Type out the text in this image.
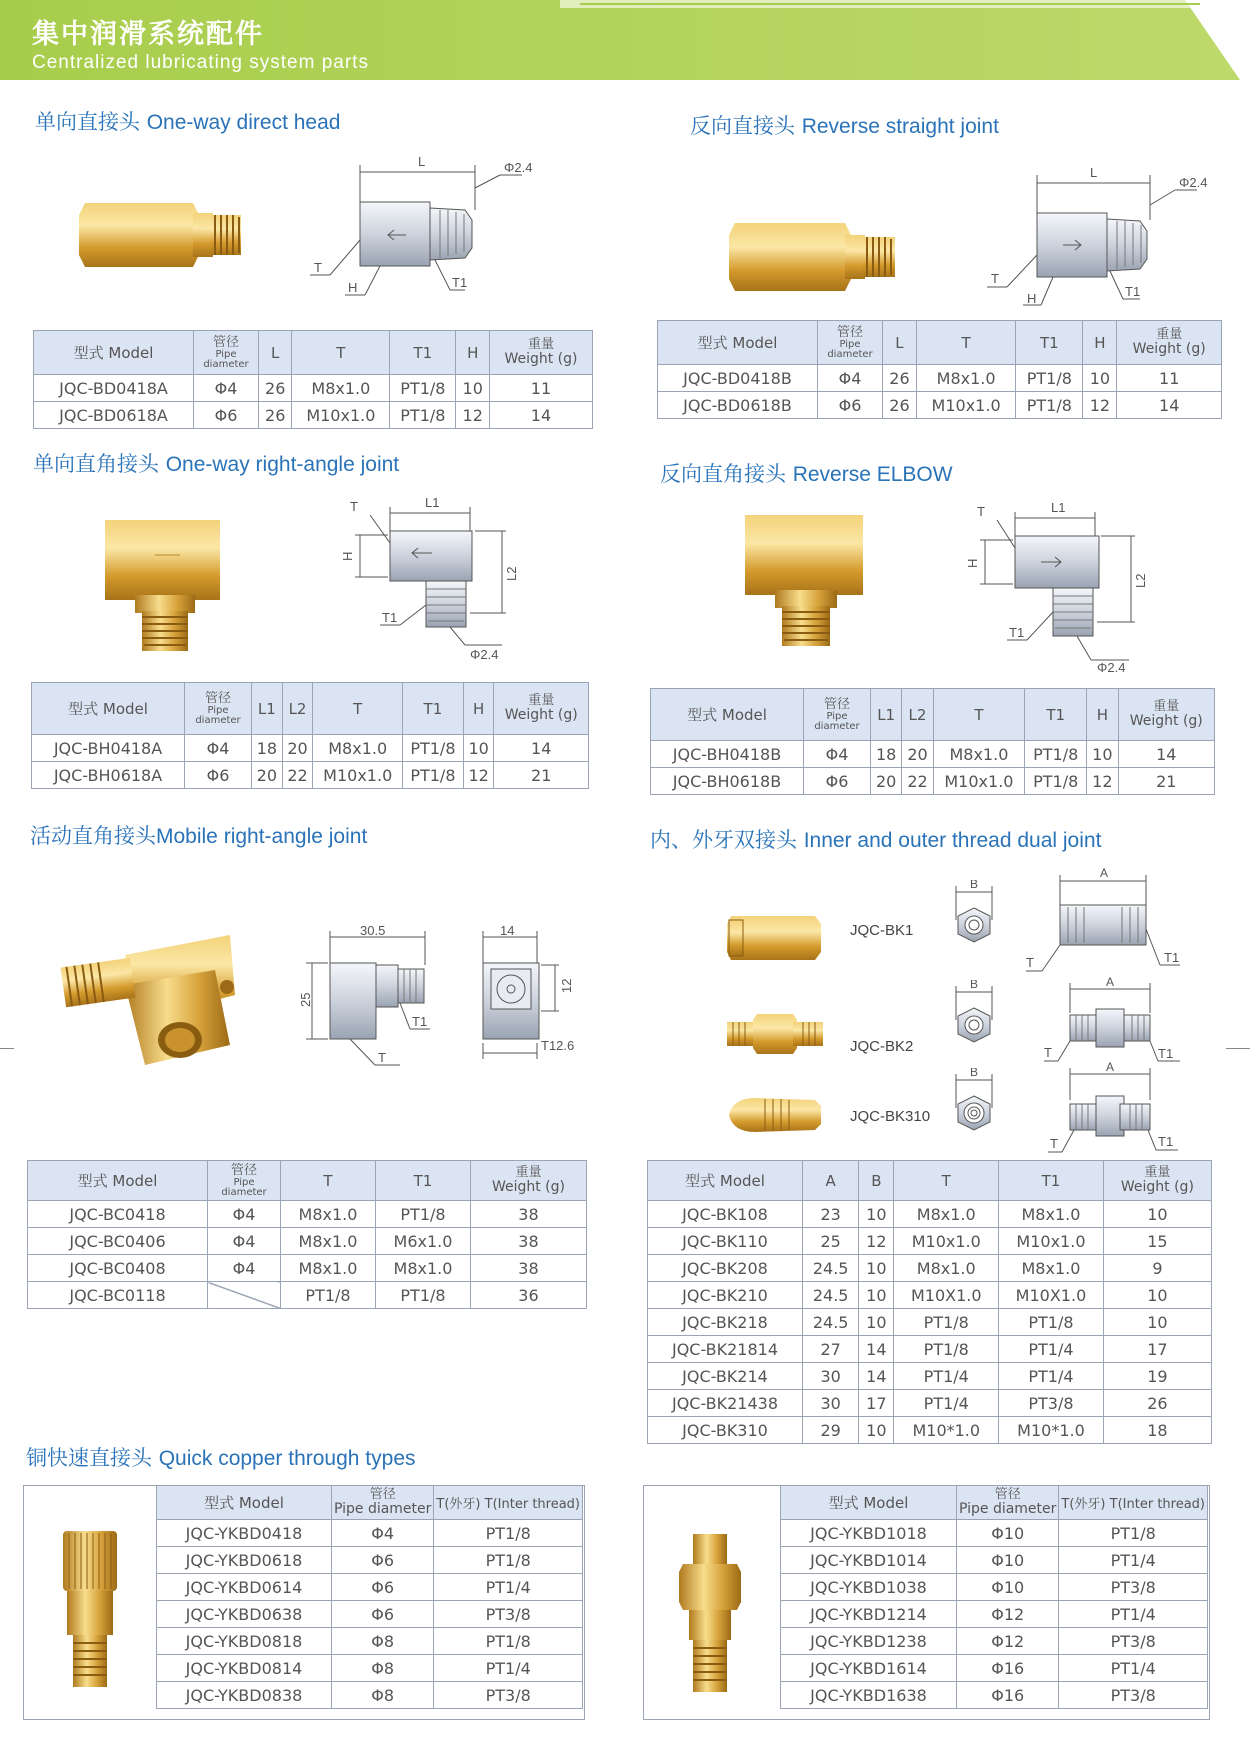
集中润滑系统配件
Centralized lubricating system parts
单向直接头 One-way direct head	反向直接头 Reverse straight joint
单向直角接头 One-way right-angle joint	反向直角接头 Reverse ELBOW
活动直角接头Mobile right-angle joint	内、外牙双接头 Inner and outer thread dual joint
铜快速直接头 Quick copper through types
L	Φ2.4
T
H	T1
L
Φ2.4
T
H	T1
型式 Model	管径
Pipe
diameter	L	T	T1	H	重量
Weight (g)

JQC-BD0418A	Φ4	26	M8x1.0	PT1/8	10	11
JQC-BD0618A	Φ6	26	M10x1.0	PT1/8	12	14
型式 Model	管径
Pipe
diameter	L	T	T1	H	重量
Weight (g)

JQC-BD0418B	Φ4	26	M8x1.0	PT1/8	10	11
JQC-BD0618B	Φ6	26	M10x1.0	PT1/8	12	14
L1
T
H
L2
T1
Φ2.4
L1
T
H
L2
T1
Φ2.4
型式 Model	管径
Pipe
diameter	L1	L2	T	T1	H	重量
Weight (g)

JQC-BH0418A	Φ4	18	20	M8x1.0	PT1/8	10	14
JQC-BH0618A	Φ6	20	22	M10x1.0	PT1/8	12	21
型式 Model	管径
Pipe
diameter	L1	L2	T	T1	H	重量
Weight (g)

JQC-BH0418B	Φ4	18	20	M8x1.0	PT1/8	10	14
JQC-BH0618B	Φ6	20	22	M10x1.0	PT1/8	12	21
30.5
25
T
T1
14
12
T12.6
JQC-BK1
B
A
T	T1
JQC-BK2
B	A
T	T1
JQC-BK310
B	A
T	T1
型式 Model	管径
Pipe
diameter	T	T1	重量
Weight (g)

JQC-BC0418	Φ4	M8x1.0	PT1/8	38
JQC-BC0406	Φ4	M8x1.0	M6x1.0	38
JQC-BC0408	Φ4	M8x1.0	M8x1.0	38
JQC-BC0118		PT1/8	PT1/8	36
型式 Model	A	B	T	T1	重量
Weight (g)

JQC-BK108	23	10	M8x1.0	M8x1.0	10
JQC-BK110	25	12	M10x1.0	M10x1.0	15
JQC-BK208	24.5	10	M8x1.0	M8x1.0	9
JQC-BK210	24.5	10	M10X1.0	M10X1.0	10
JQC-BK218	24.5	10	PT1/8	PT1/8	10
JQC-BK21814	27	14	PT1/8	PT1/4	17
JQC-BK214	30	14	PT1/4	PT1/4	19
JQC-BK21438	30	17	PT1/4	PT3/8	26
JQC-BK310	29	10	M10*1.0	M10*1.0	18
型式 Model	管径
Pipe diameter	T(外牙) T(Inter thread)
JQC-YKBD0418	Φ4	PT1/8
JQC-YKBD0618	Φ6	PT1/8
JQC-YKBD0614	Φ6	PT1/4
JQC-YKBD0638	Φ6	PT3/8
JQC-YKBD0818	Φ8	PT1/8
JQC-YKBD0814	Φ8	PT1/4
JQC-YKBD0838	Φ8	PT3/8
型式 Model	管径
Pipe diameter	T(外牙) T(Inter thread)
JQC-YKBD1018	Φ10	PT1/8
JQC-YKBD1014	Φ10	PT1/4
JQC-YKBD1038	Φ10	PT3/8
JQC-YKBD1214	Φ12	PT1/4
JQC-YKBD1238	Φ12	PT3/8
JQC-YKBD1614	Φ16	PT1/4
JQC-YKBD1638	Φ16	PT3/8
